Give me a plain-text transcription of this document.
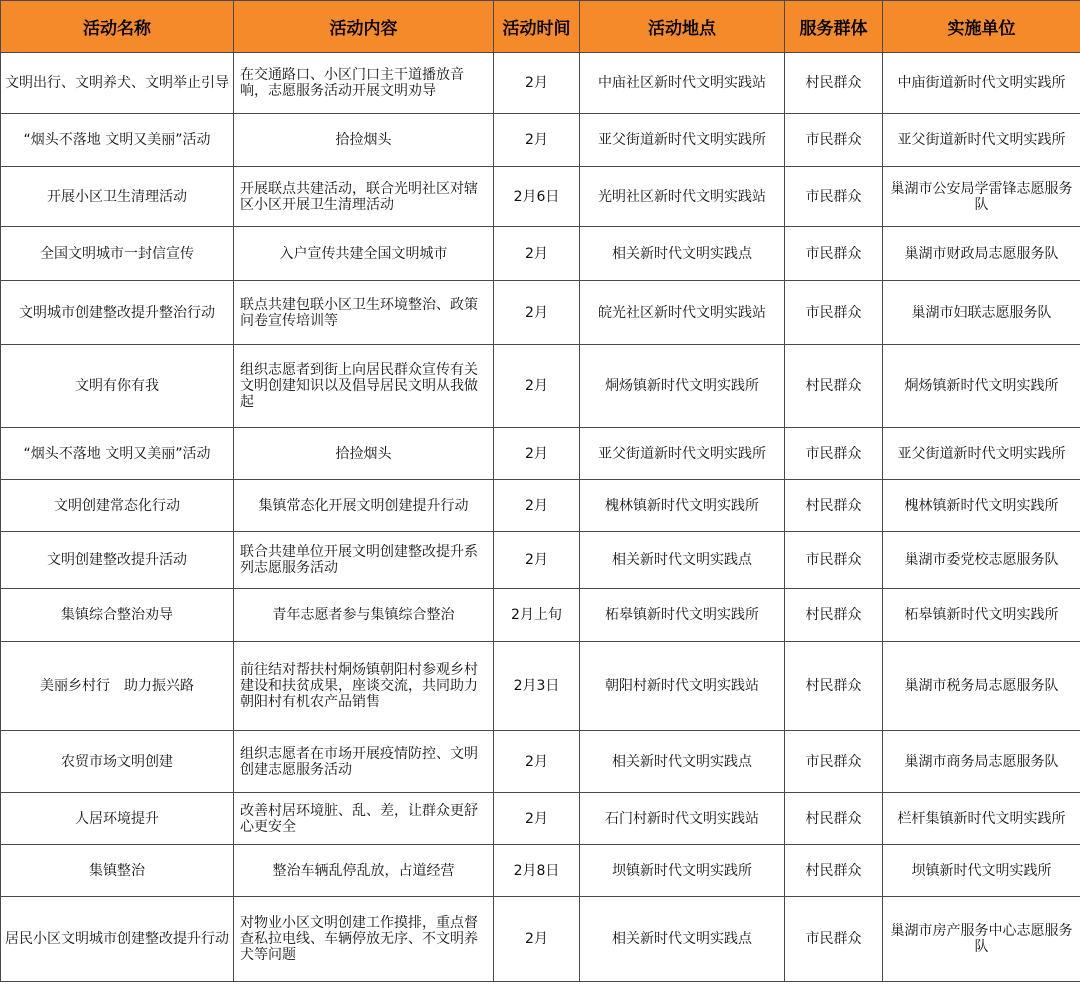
活动名称	活动内容	活动时间	活动地点	服务群体	实施单位
文明出行、文明养犬、文明举止引导	在交通路口、小区门口主干道播放音响，志愿服务活动开展文明劝导	2月	中庙社区新时代文明实践站	村民群众	中庙街道新时代文明实践所
“烟头不落地 文明又美丽”活动	拾捡烟头	2月	亚父街道新时代文明实践所	市民群众	亚父街道新时代文明实践所
开展小区卫生清理活动	开展联点共建活动，联合光明社区对辖区小区开展卫生清理活动	2月6日	光明社区新时代文明实践站	市民群众	巢湖市公安局学雷锋志愿服务队
全国文明城市一封信宣传	入户宣传共建全国文明城市	2月	相关新时代文明实践点	市民群众	巢湖市财政局志愿服务队
文明城市创建整改提升整治行动	联点共建包联小区卫生环境整治、政策问卷宣传培训等	2月	皖光社区新时代文明实践站	市民群众	巢湖市妇联志愿服务队
文明有你有我	组织志愿者到街上向居民群众宣传有关文明创建知识以及倡导居民文明从我做起	2月	烔炀镇新时代文明实践所	村民群众	烔炀镇新时代文明实践所
“烟头不落地 文明又美丽”活动	拾捡烟头	2月	亚父街道新时代文明实践所	市民群众	亚父街道新时代文明实践所
文明创建常态化行动	集镇常态化开展文明创建提升行动	2月	槐林镇新时代文明实践所	村民群众	槐林镇新时代文明实践所
文明创建整改提升活动	联合共建单位开展文明创建整改提升系列志愿服务活动	2月	相关新时代文明实践点	市民群众	巢湖市委党校志愿服务队
集镇综合整治劝导	青年志愿者参与集镇综合整治	2月上旬	柘皋镇新时代文明实践所	村民群众	柘皋镇新时代文明实践所
美丽乡村行　助力振兴路	前往结对帮扶村烔炀镇朝阳村参观乡村建设和扶贫成果，座谈交流，共同助力朝阳村有机农产品销售	2月3日	朝阳村新时代文明实践站	村民群众	巢湖市税务局志愿服务队
农贸市场文明创建	组织志愿者在市场开展疫情防控、文明创建志愿服务活动	2月	相关新时代文明实践点	市民群众	巢湖市商务局志愿服务队
人居环境提升	改善村居环境脏、乱、差，让群众更舒心更安全	2月	石门村新时代文明实践站	村民群众	栏杆集镇新时代文明实践所
集镇整治	整治车辆乱停乱放，占道经营	2月8日	坝镇新时代文明实践所	村民群众	坝镇新时代文明实践所
居民小区文明城市创建整改提升行动	对物业小区文明创建工作摸排，重点督查私拉电线、车辆停放无序、不文明养犬等问题	2月	相关新时代文明实践点	市民群众	巢湖市房产服务中心志愿服务队
